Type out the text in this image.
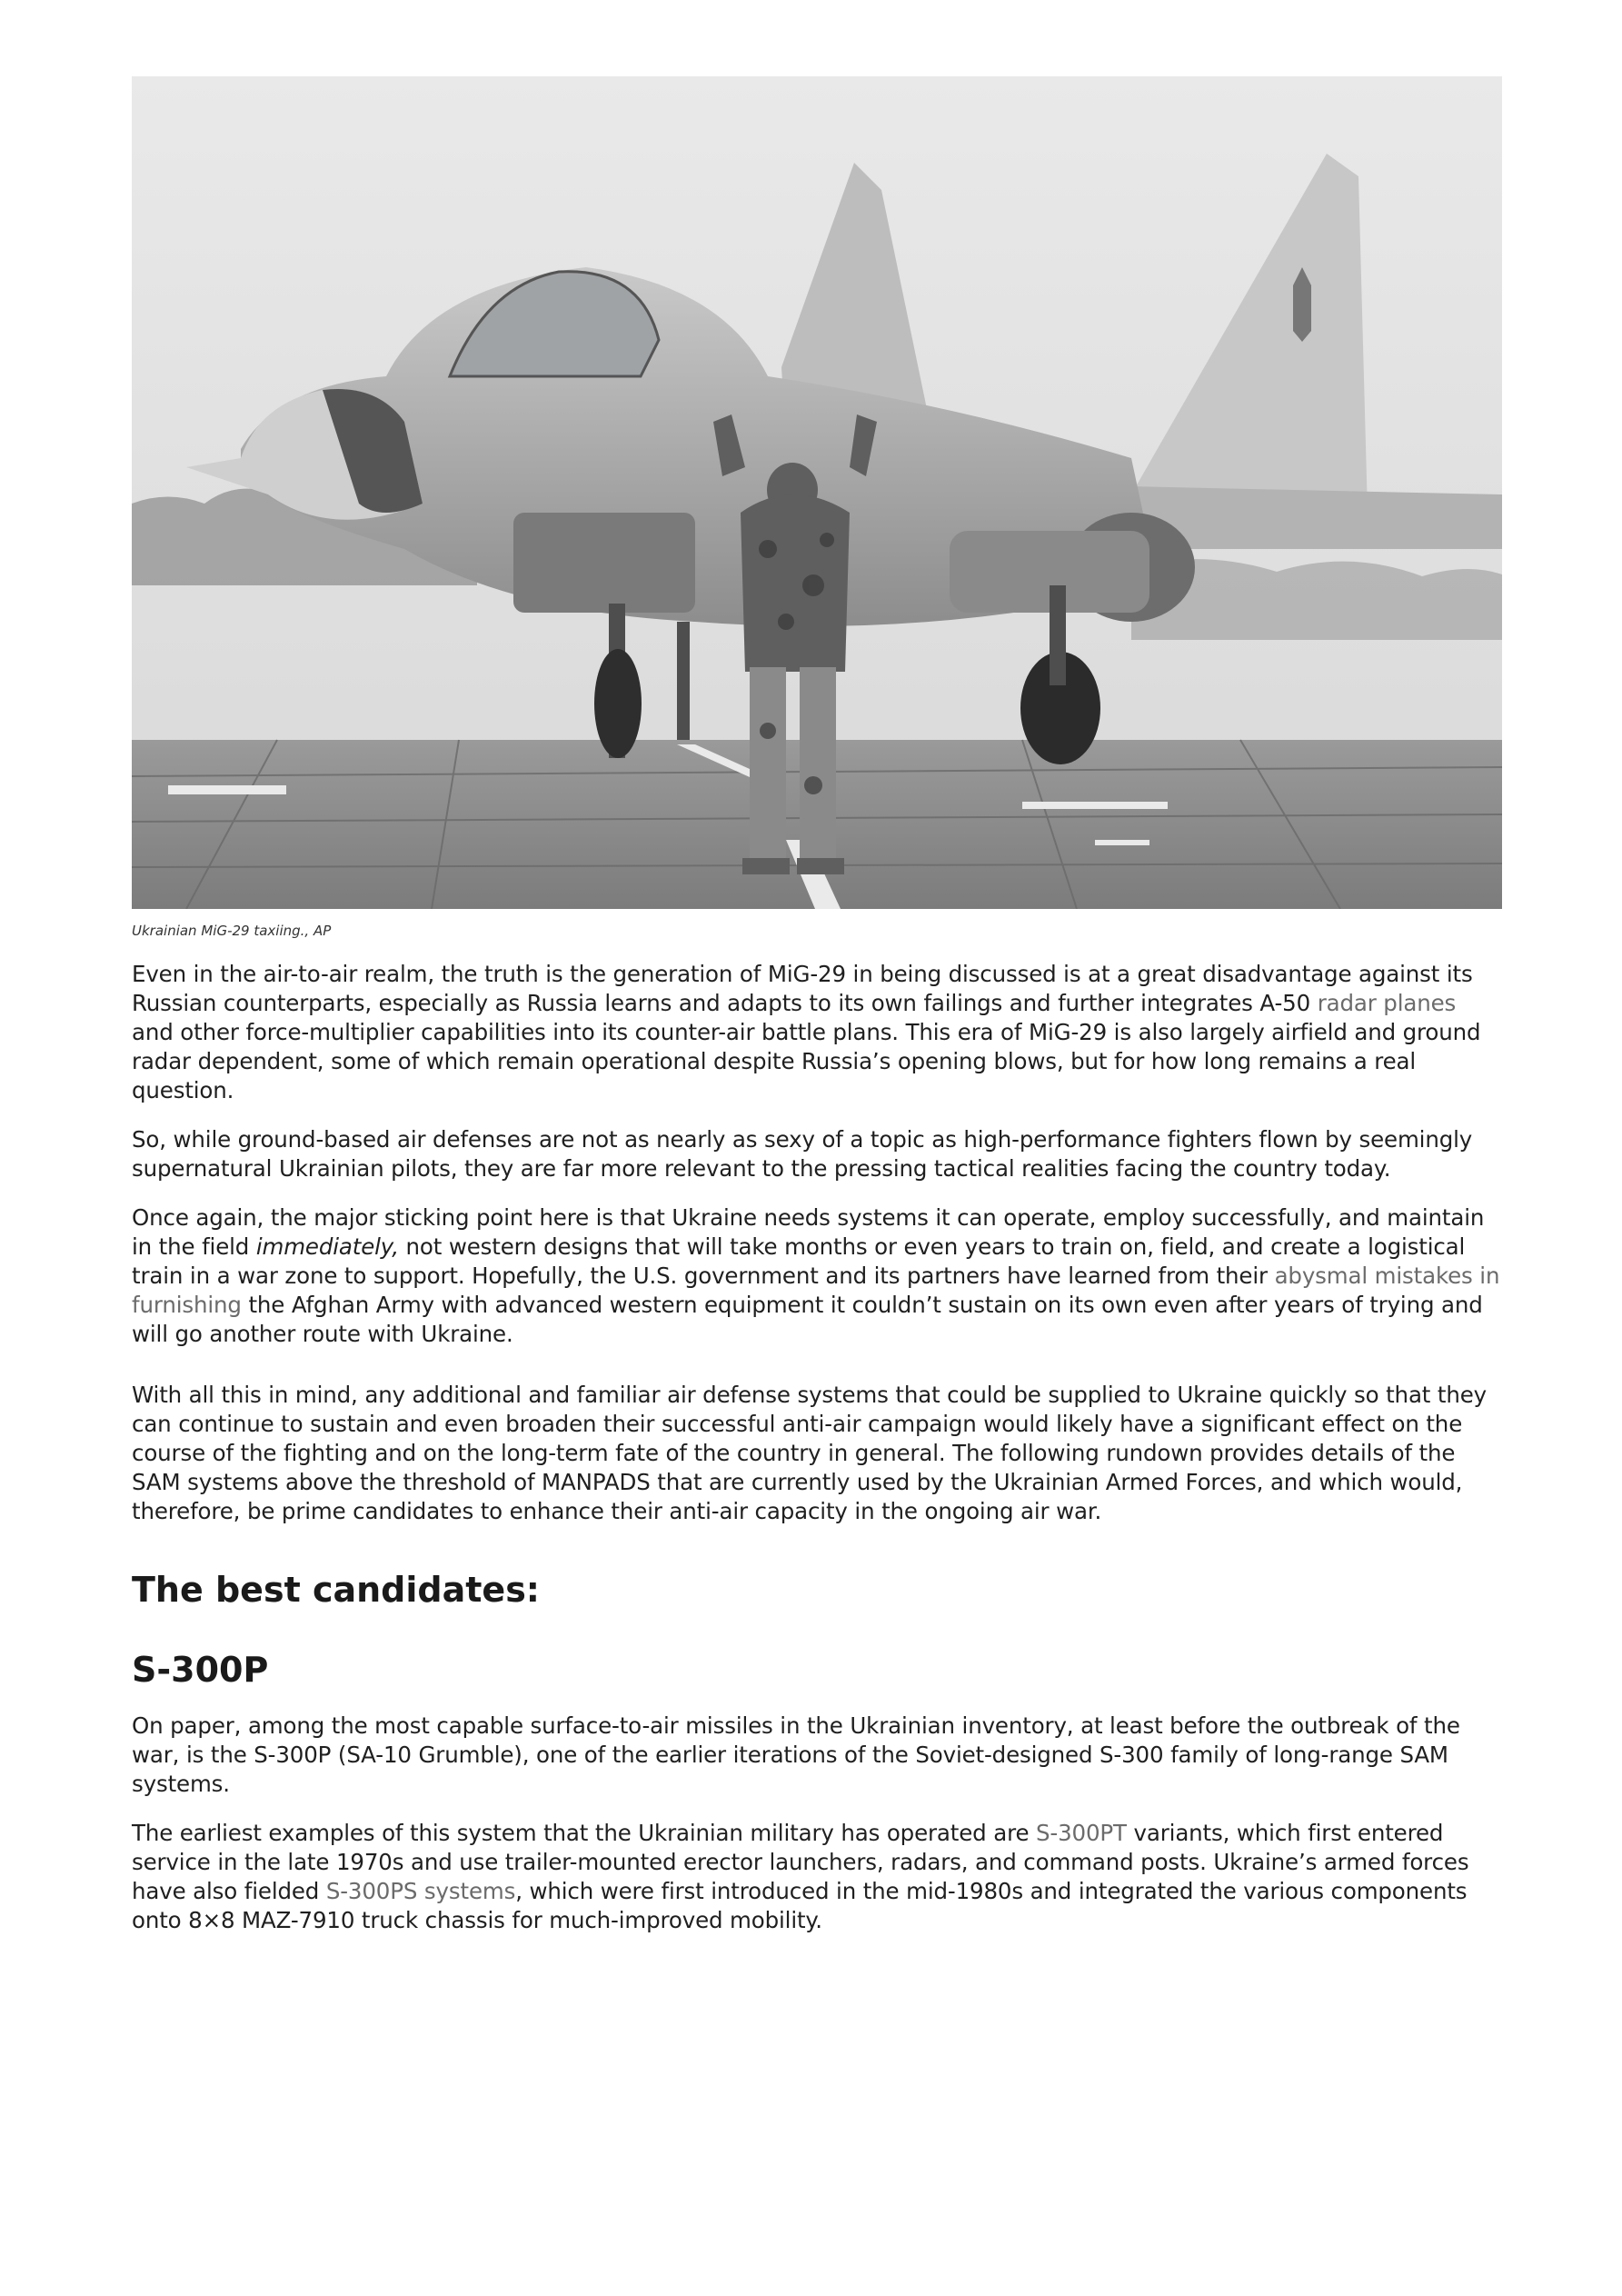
Ukrainian MiG-29 taxiing., AP

Even in the air-to-air realm, the truth is the generation of MiG-29 in being discussed is at a great disadvantage against its Russian counterparts, especially as Russia learns and adapts to its own failings and further integrates A-50 radar planes and other force-multiplier capabilities into its counter-air battle plans. This era of MiG-29 is also largely airfield and ground radar dependent, some of which remain operational despite Russia’s opening blows, but for how long remains a real question.

So, while ground-based air defenses are not as nearly as sexy of a topic as high-performance fighters flown by seemingly supernatural Ukrainian pilots, they are far more relevant to the pressing tactical realities facing the country today.

Once again, the major sticking point here is that Ukraine needs systems it can operate, employ successfully, and maintain in the field immediately, not western designs that will take months or even years to train on, field, and create a logistical train in a war zone to support. Hopefully, the U.S. government and its partners have learned from their abysmal mistakes in furnishing the Afghan Army with advanced western equipment it couldn’t sustain on its own even after years of trying and will go another route with Ukraine.

With all this in mind, any additional and familiar air defense systems that could be supplied to Ukraine quickly so that they can continue to sustain and even broaden their successful anti-air campaign would likely have a significant effect on the course of the fighting and on the long-term fate of the country in general. The following rundown provides details of the SAM systems above the threshold of MANPADS that are currently used by the Ukrainian Armed Forces, and which would, therefore, be prime candidates to enhance their anti-air capacity in the ongoing air war.

The best candidates:
S-300P

On paper, among the most capable surface-to-air missiles in the Ukrainian inventory, at least before the outbreak of the war, is the S-300P (SA-10 Grumble), one of the earlier iterations of the Soviet-designed S-300 family of long-range SAM systems.

The earliest examples of this system that the Ukrainian military has operated are S-300PT variants, which first entered service in the late 1970s and use trailer-mounted erector launchers, radars, and command posts. Ukraine’s armed forces have also fielded S-300PS systems, which were first introduced in the mid-1980s and integrated the various components onto 8×8 MAZ-7910 truck chassis for much-improved mobility.
